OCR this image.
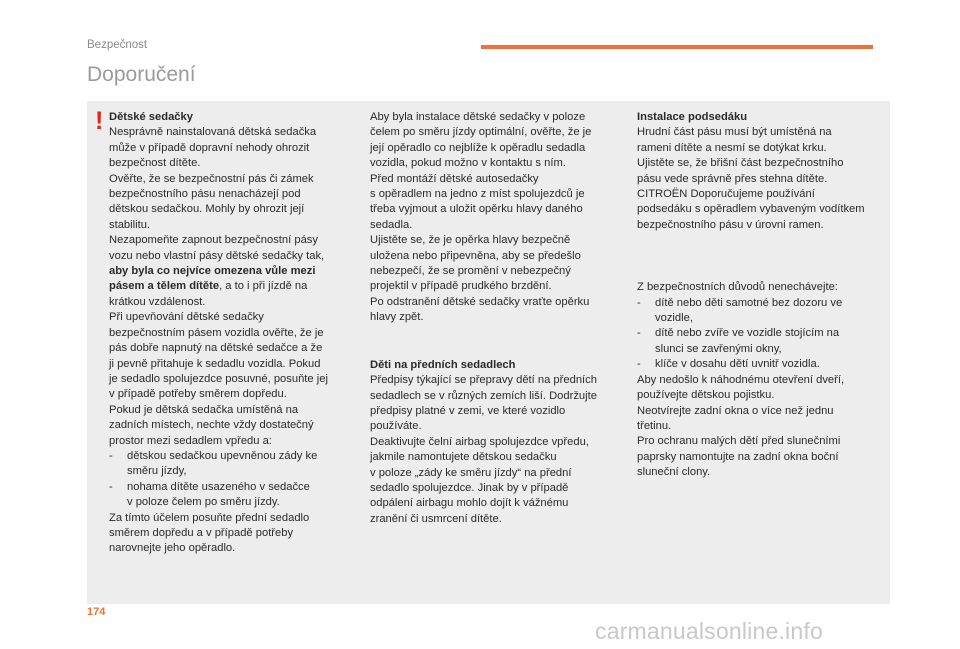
Bezpečnost
Doporučení
! Dětské sedačky

Nesprávně nainstalovaná dětská sedačka

může v případě dopravní nehody ohrozit

bezpečnost dítěte.

Ověřte, že se bezpečnostní pás či zámek

bezpečnostního pásu nenacházejí pod

dětskou sedačkou. Mohly by ohrozit její

stabilitu.

Nezapomeňte zapnout bezpečnostní pásy

vozu nebo vlastní pásy dětské sedačky tak,

aby byla co nejvíce omezena vůle mezi

pásem a tělem dítěte, a to i při jízdě na

krátkou vzdálenost.

Při upevňování dětské sedačky

bezpečnostním pásem vozidla ověřte, že je

pás dobře napnutý na dětské sedačce a že

ji pevně přitahuje k sedadlu vozidla. Pokud

je sedadlo spolujezdce posuvné, posuňte jej

v případě potřeby směrem dopředu.

Pokud je dětská sedačka umístěná na

zadních místech, nechte vždy dostatečný

prostor mezi sedadlem vpředu a:

-	dětskou sedačkou upevněnou zády ke
směru jízdy,
-	nohama dítěte usazeného v sedačce
v poloze čelem po směru jízdy.

Za tímto účelem posuňte přední sedadlo

směrem dopředu a v případě potřeby

narovnejte jeho opěradlo.

Aby byla instalace dětské sedačky v poloze

čelem po směru jízdy optimální, ověřte, že je

její opěradlo co nejblíže k opěradlu sedadla

vozidla, pokud možno v kontaktu s ním.

Před montáží dětské autosedačky

s opěradlem na jedno z míst spolujezdců je

třeba vyjmout a uložit opěrku hlavy daného

sedadla.

Ujistěte se, že je opěrka hlavy bezpečně

uložena nebo připevněna, aby se předešlo

nebezpečí, že se promění v nebezpečný

projektil v případě prudkého brzdění.

Po odstranění dětské sedačky vraťte opěrku

hlavy zpět.

Děti na předních sedadlech

Předpisy týkající se přepravy dětí na předních

sedadlech se v různých zemích liší. Dodržujte

předpisy platné v zemi, ve které vozidlo

používáte.

Deaktivujte čelní airbag spolujezdce vpředu,

jakmile namontujete dětskou sedačku

v poloze „zády ke směru jízdy“ na přední

sedadlo spolujezdce. Jinak by v případě

odpálení airbagu mohlo dojít k vážnému

zranění či usmrcení dítěte.

Instalace podsedáku

Hrudní část pásu musí být umístěná na

rameni dítěte a nesmí se dotýkat krku.

Ujistěte se, že břišní část bezpečnostního

pásu vede správně přes stehna dítěte.

CITROËN Doporučujeme používání

podsedáku s opěradlem vybaveným vodítkem

bezpečnostního pásu v úrovni ramen.

Z bezpečnostních důvodů nenechávejte:

-	dítě nebo děti samotné bez dozoru ve
vozidle,
-	dítě nebo zvíře ve vozidle stojícím na
slunci se zavřenými okny,
-	klíče v dosahu dětí uvnitř vozidla.

Aby nedošlo k náhodnému otevření dveří,

používejte dětskou pojistku.

Neotvírejte zadní okna o více než jednu

třetinu.

Pro ochranu malých dětí před slunečními

paprsky namontujte na zadní okna boční

sluneční clony.

174
carmanualsonline.info
